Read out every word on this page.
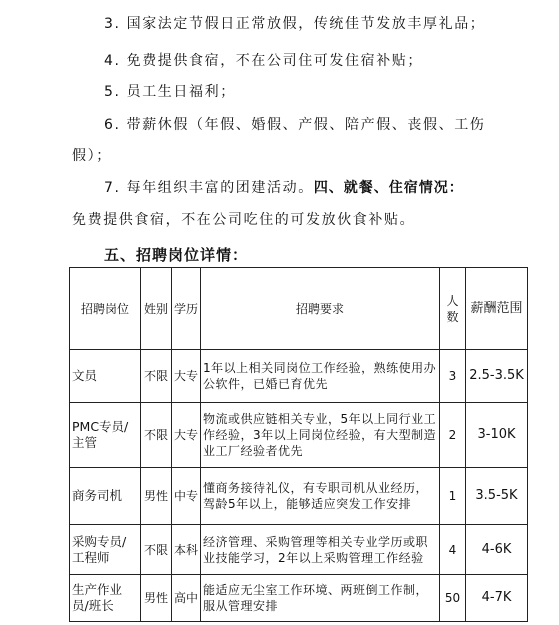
3. 国家法定节假日正常放假，传统佳节发放丰厚礼品；
4. 免费提供食宿，不在公司住可发住宿补贴；
5. 员工生日福利；
6. 带薪休假（年假、婚假、产假、陪产假、丧假、工伤
假）；
7. 每年组织丰富的团建活动。四、就餐、住宿情况：
免费提供食宿，不在公司吃住的可发放伙食补贴。
五、招聘岗位详情：
招聘岗位	姓别	学历	招聘要求	人数	薪酬范围
文员	不限	大专	1年以上相关同岗位工作经验，熟练使用办公软件，已婚已育优先	3	2.5-3.5K
PMC专员/主管	不限	大专	物流或供应链相关专业，5年以上同行业工作经验，3年以上同岗位经验，有大型制造业工厂经验者优先	2	3-10K
商务司机	男性	中专	懂商务接待礼仪，有专职司机从业经历，驾龄5年以上，能够适应突发工作安排	1	3.5-5K
采购专员/工程师	不限	本科	经济管理、采购管理等相关专业学历或职业技能学习，2年以上采购管理工作经验	4	4-6K
生产作业员/班长	男性	高中	能适应无尘室工作环境、两班倒工作制，服从管理安排	50	4-7K
